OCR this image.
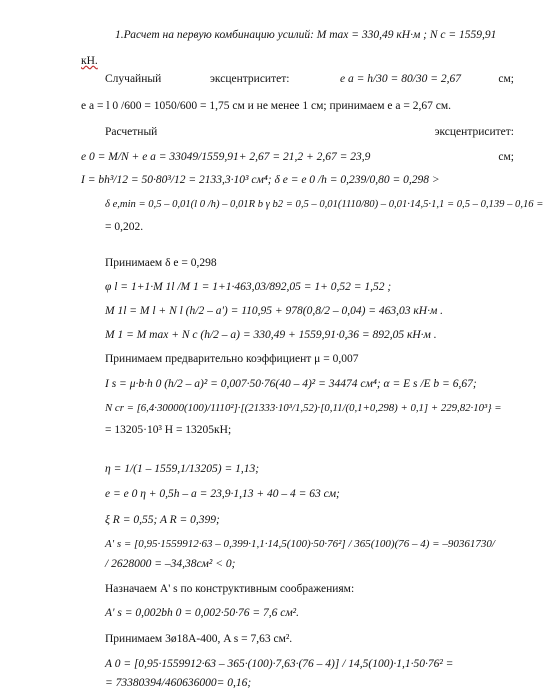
1.Расчет на первую комбинацию усилий: M max = 330,49 кН·м ; N с = 1559,91
кН.
Случайный	эксцентриситет:	e a = h/30 = 80/30 = 2,67	см;
e a = l 0 /600 = 1050/600 = 1,75 см и не менее 1 см; принимаем e a = 2,67 см.
Расчетный	эксцентриситет:
e 0 = M/N + e a = 33049/1559,91+ 2,67 = 21,2 + 2,67 = 23,9	см;
I = bh³/12 = 50·80³/12 = 2133,3·10³ см⁴; δ e = e 0 /h = 0,239/0,80 = 0,298 >
δ e,min = 0,5 – 0,01(l 0 /h) – 0,01R b γ b2 = 0,5 – 0,01(1110/80) – 0,01·14,5·1,1 = 0,5 – 0,139 – 0,16 =
= 0,202.
Принимаем δ e = 0,298
φ l = 1+1·M 1l /M 1 = 1+1·463,03/892,05 = 1+ 0,52 = 1,52 ;
M 1l = M l + N l (h/2 – a') = 110,95 + 978(0,8/2 – 0,04) = 463,03 кН·м .
M 1 = M max + N c (h/2 – a) = 330,49 + 1559,91·0,36 = 892,05 кН·м .
Принимаем предварительно коэффициент μ = 0,007
I s = μ·b·h 0 (h/2 – a)² = 0,007·50·76(40 – 4)² = 34474 см⁴; α = E s /E b = 6,67;
N cr = [6,4·30000(100)/1110²]·[(21333·10³/1,52)·[0,11/(0,1+0,298) + 0,1] + 229,82·10³} =
= 13205·10³ Н = 13205кН;
η = 1/(1 – 1559,1/13205) = 1,13;
e = e 0 η + 0,5h – a = 23,9·1,13 + 40 – 4 = 63 см;
ξ R = 0,55; A R = 0,399;
A' s = [0,95·1559912·63 – 0,399·1,1·14,5(100)·50·76²] / 365(100)(76 – 4) = –90361730/
/ 2628000 = –34,38см² < 0;
Назначаем A' s по конструктивным соображениям:
A' s = 0,002bh 0 = 0,002·50·76 = 7,6 см².
Принимаем 3ø18А-400, A s = 7,63 см².
A 0 = [0,95·1559912·63 – 365·(100)·7,63·(76 – 4)] / 14,5(100)·1,1·50·76² =
= 73380394/460636000= 0,16;
